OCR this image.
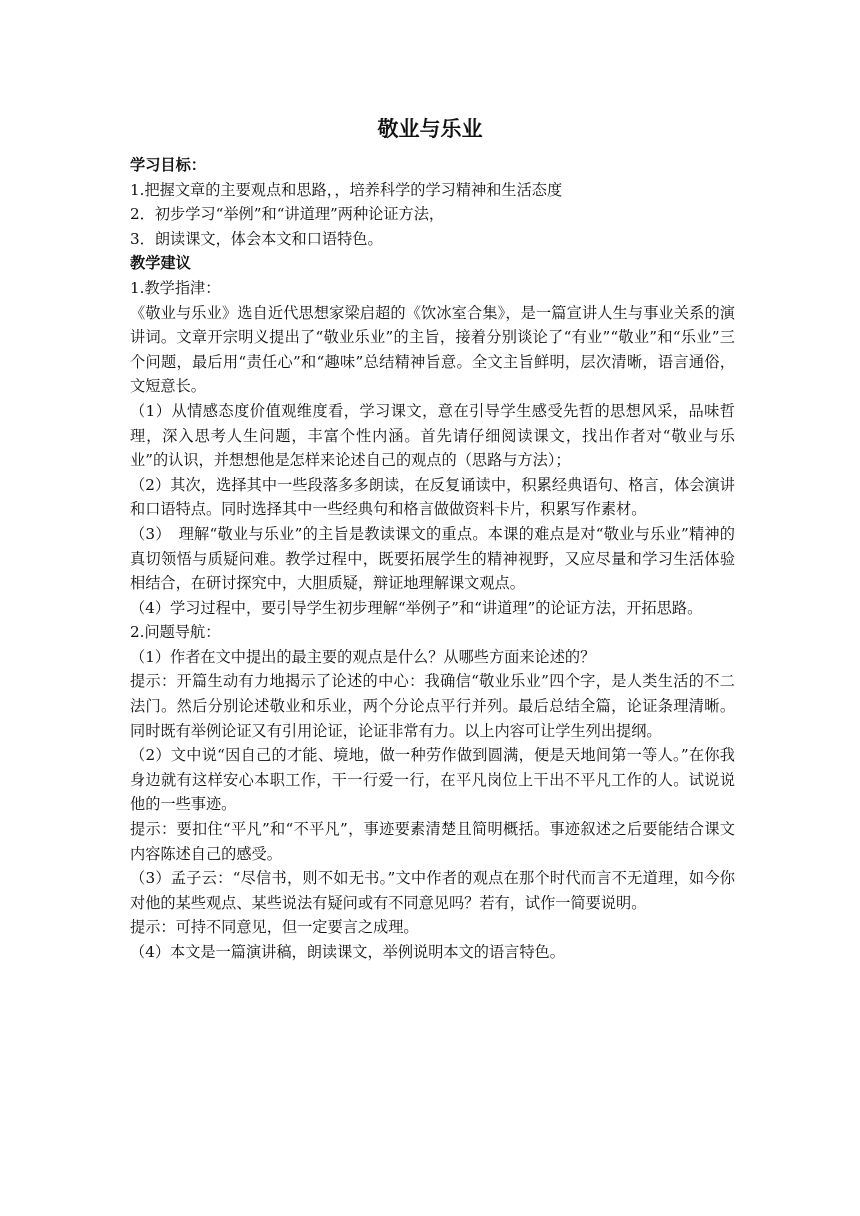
敬业与乐业

学习目标：

1.把握文章的主要观点和思路，，培养科学的学习精神和生活态度

2．初步学习“举例”和“讲道理”两种论证方法，

3．朗读课文，体会本文和口语特色。

教学建议

1.教学指津：

《敬业与乐业》选自近代思想家梁启超的《饮冰室合集》，是一篇宣讲人生与事业关系的演讲词。文章开宗明义提出了“敬业乐业”的主旨，接着分别谈论了“有业”“敬业”和“乐业”三个问题，最后用“责任心”和“趣味”总结精神旨意。全文主旨鲜明，层次清晰，语言通俗，文短意长。

（1）从情感态度价值观维度看，学习课文，意在引导学生感受先哲的思想风采，品味哲理，深入思考人生问题，丰富个性内涵。首先请仔细阅读课文，找出作者对“敬业与乐业”的认识，并想想他是怎样来论述自己的观点的（思路与方法）；

（2）其次，选择其中一些段落多多朗读，在反复诵读中，积累经典语句、格言，体会演讲和口语特点。同时选择其中一些经典句和格言做做资料卡片，积累写作素材。

（3）　理解“敬业与乐业”的主旨是教读课文的重点。本课的难点是对“敬业与乐业”精神的真切领悟与质疑问难。教学过程中，既要拓展学生的精神视野，又应尽量和学习生活体验相结合，在研讨探究中，大胆质疑，辩证地理解课文观点。

（4）学习过程中，要引导学生初步理解“举例子”和“讲道理”的论证方法，开拓思路。

2.问题导航：

（1）作者在文中提出的最主要的观点是什么？从哪些方面来论述的？

提示：开篇生动有力地揭示了论述的中心：我确信“敬业乐业”四个字，是人类生活的不二法门。然后分别论述敬业和乐业，两个分论点平行并列。最后总结全篇，论证条理清晰。同时既有举例论证又有引用论证，论证非常有力。以上内容可让学生列出提纲。

（2）文中说“因自己的才能、境地，做一种劳作做到圆满，便是天地间第一等人。”在你我身边就有这样安心本职工作，干一行爱一行，在平凡岗位上干出不平凡工作的人。试说说他的一些事迹。

提示：要扣住“平凡”和“不平凡”，事迹要素清楚且简明概括。事迹叙述之后要能结合课文内容陈述自己的感受。

（3）孟子云：“尽信书，则不如无书。”文中作者的观点在那个时代而言不无道理，如今你对他的某些观点、某些说法有疑问或有不同意见吗？若有，试作一简要说明。

提示：可持不同意见，但一定要言之成理。

（4）本文是一篇演讲稿，朗读课文，举例说明本文的语言特色。
